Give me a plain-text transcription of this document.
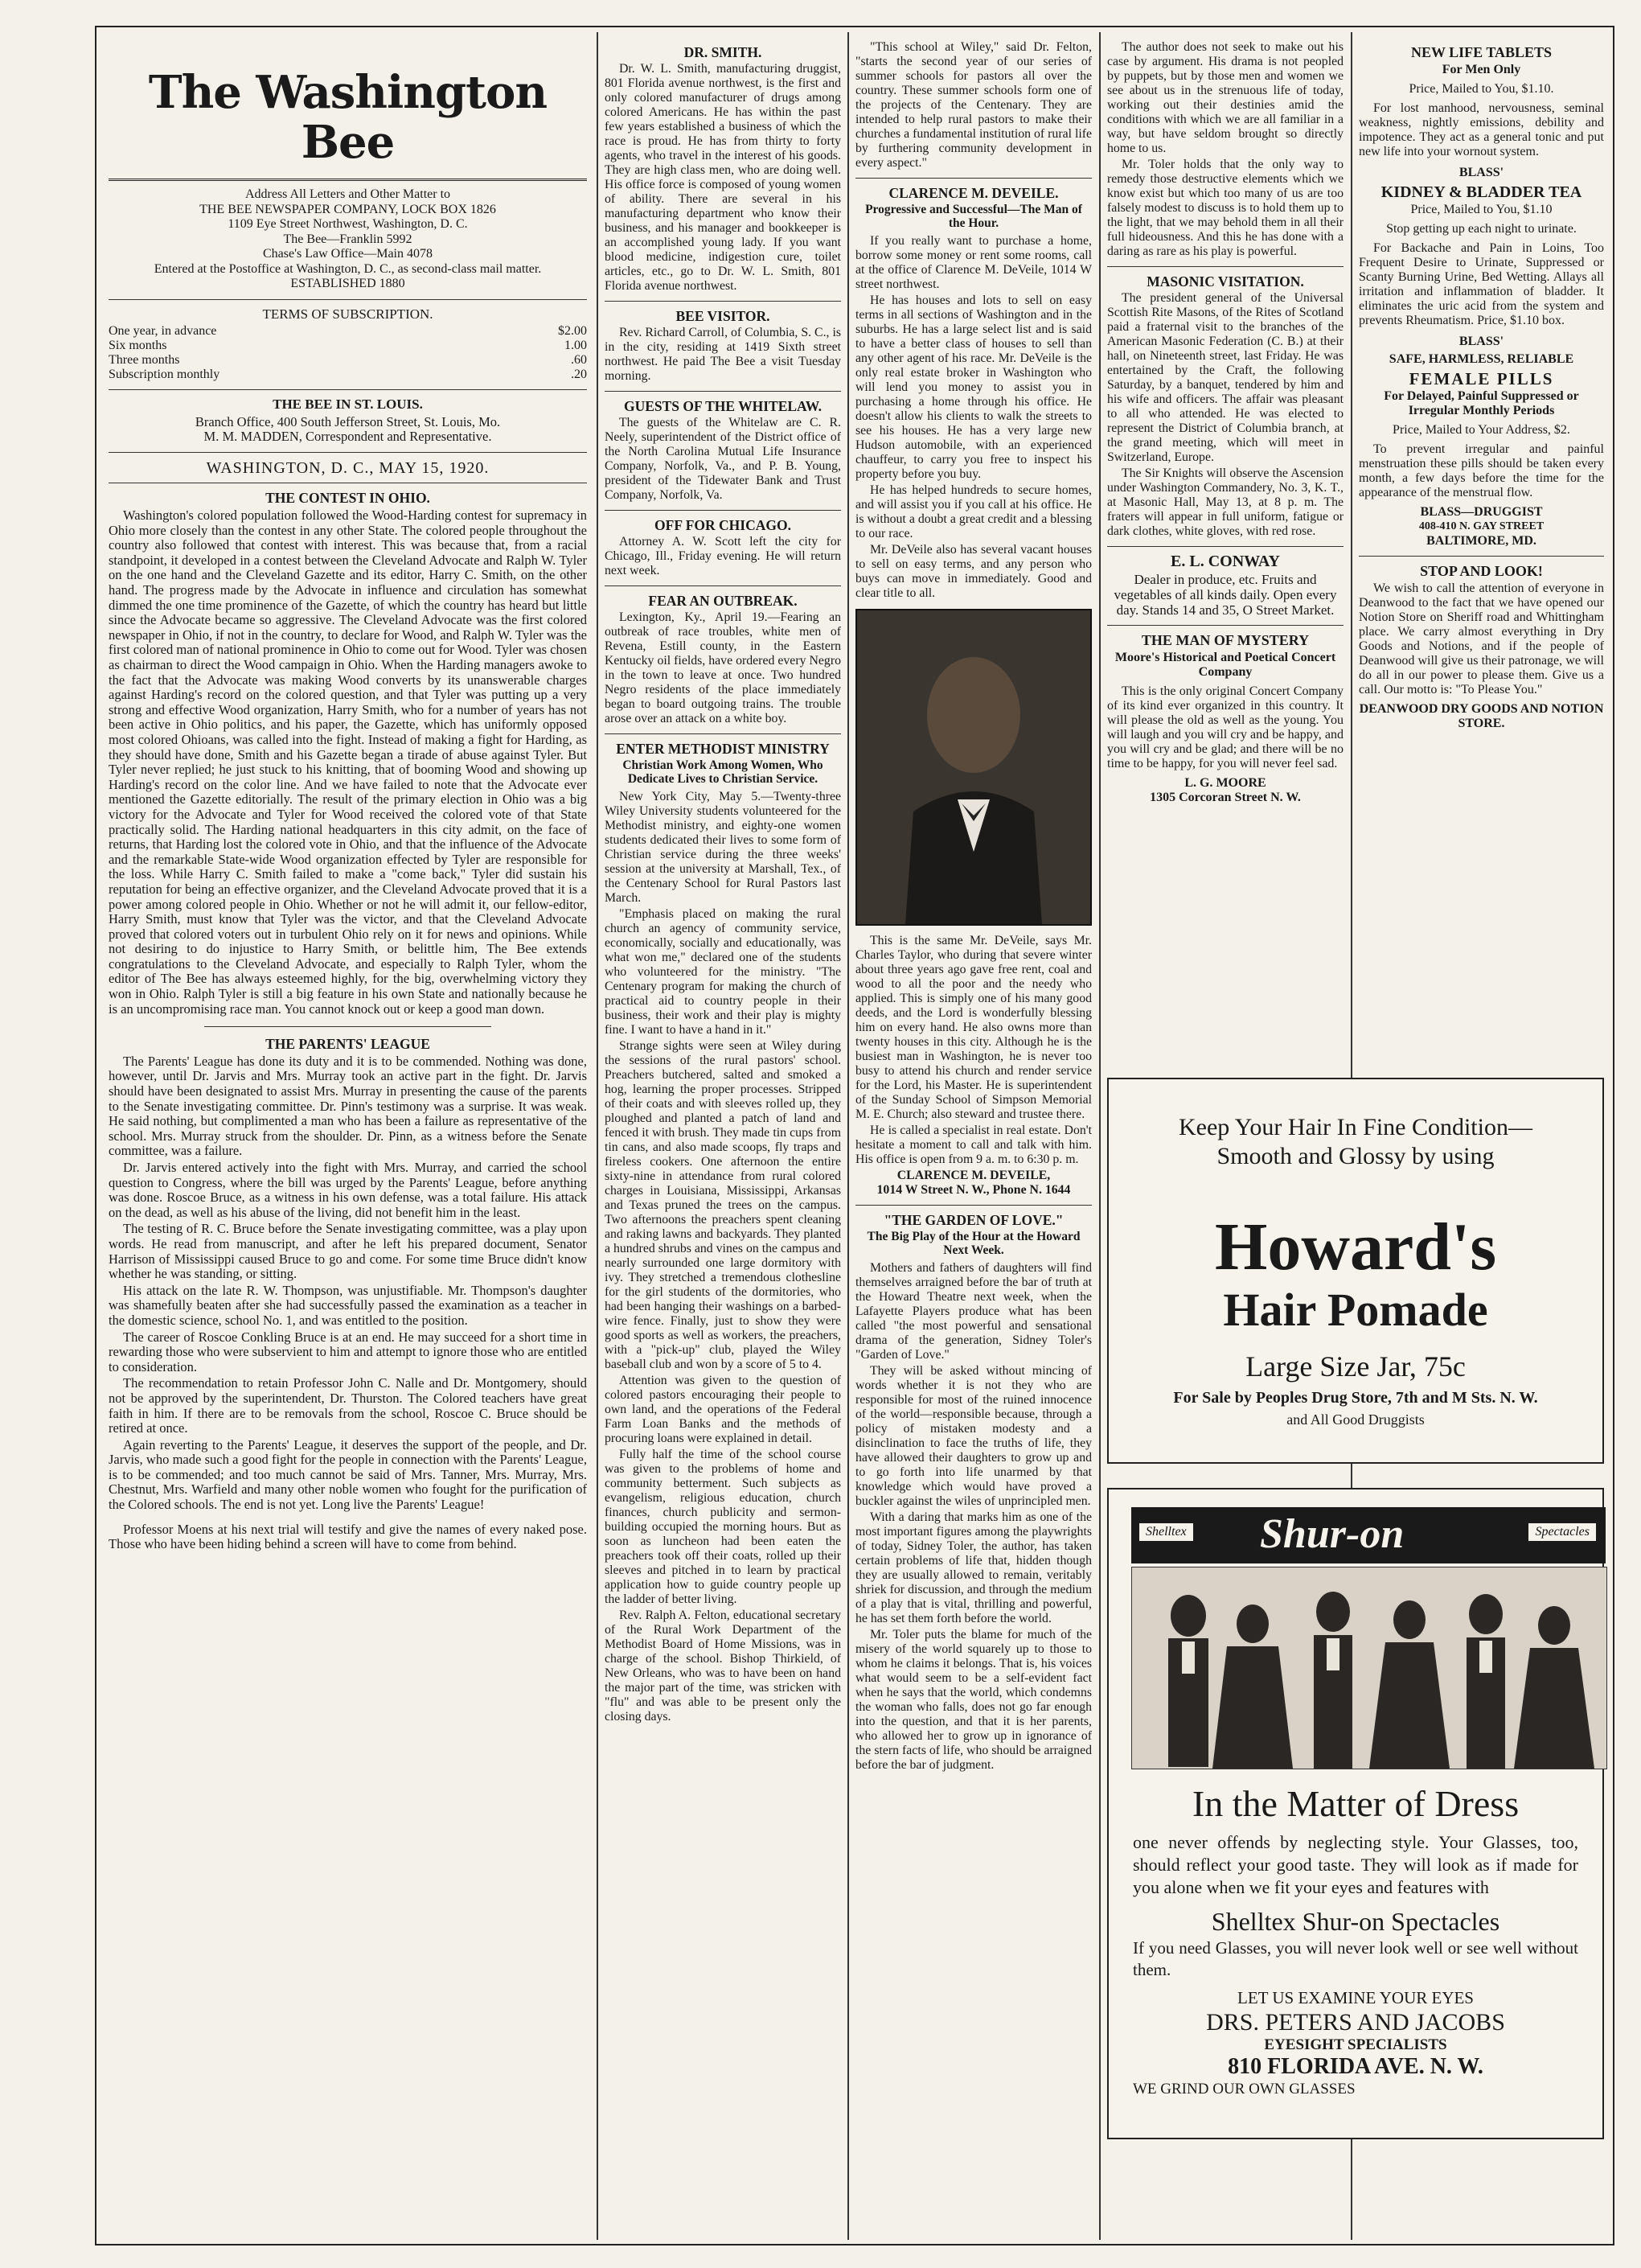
The Washington Bee
Address All Letters and Other Matter to
THE BEE NEWSPAPER COMPANY, LOCK BOX 1826
1109 Eye Street Northwest, Washington, D. C.
The Bee—Franklin 5992
Chase's Law Office—Main 4078
Entered at the Postoffice at Washington, D. C., as second-class mail matter.
ESTABLISHED 1880
TERMS OF SUBSCRIPTION.
One year, in advance	$2.00
Six months	1.00
Three months	.60
Subscription monthly	.20
THE BEE IN ST. LOUIS.
Branch Office, 400 South Jefferson Street, St. Louis, Mo.
M. M. MADDEN, Correspondent and Representative.
WASHINGTON, D. C., MAY 15, 1920.
THE CONTEST IN OHIO.

Washington's colored population followed the Wood-Harding contest for supremacy in Ohio more closely than the contest in any other State. The colored people throughout the country also followed that contest with interest. This was because that, from a racial standpoint, it developed in a contest between the Cleveland Advocate and Ralph W. Tyler on the one hand and the Cleveland Gazette and its editor, Harry C. Smith, on the other hand. The progress made by the Advocate in influence and circulation has somewhat dimmed the one time prominence of the Gazette, of which the country has heard but little since the Advocate became so aggressive. The Cleveland Advocate was the first colored newspaper in Ohio, if not in the country, to declare for Wood, and Ralph W. Tyler was the first colored man of national prominence in Ohio to come out for Wood. Tyler was chosen as chairman to direct the Wood campaign in Ohio. When the Harding managers awoke to the fact that the Advocate was making Wood converts by its unanswerable charges against Harding's record on the colored question, and that Tyler was putting up a very strong and effective Wood organization, Harry Smith, who for a number of years has not been active in Ohio politics, and his paper, the Gazette, which has uniformly opposed most colored Ohioans, was called into the fight. Instead of making a fight for Harding, as they should have done, Smith and his Gazette began a tirade of abuse against Tyler. But Tyler never replied; he just stuck to his knitting, that of booming Wood and showing up Harding's record on the color line. And we have failed to note that the Advocate ever mentioned the Gazette editorially. The result of the primary election in Ohio was a big victory for the Advocate and Tyler for Wood received the colored vote of that State practically solid. The Harding national headquarters in this city admit, on the face of returns, that Harding lost the colored vote in Ohio, and that the influence of the Advocate and the remarkable State-wide Wood organization effected by Tyler are responsible for the loss. While Harry C. Smith failed to make a "come back," Tyler did sustain his reputation for being an effective organizer, and the Cleveland Advocate proved that it is a power among colored people in Ohio. Whether or not he will admit it, our fellow-editor, Harry Smith, must know that Tyler was the victor, and that the Cleveland Advocate proved that colored voters out in turbulent Ohio rely on it for news and opinions. While not desiring to do injustice to Harry Smith, or belittle him, The Bee extends congratulations to the Cleveland Advocate, and especially to Ralph Tyler, whom the editor of The Bee has always esteemed highly, for the big, overwhelming victory they won in Ohio. Ralph Tyler is still a big feature in his own State and nationally because he is an uncompromising race man. You cannot knock out or keep a good man down.

THE PARENTS' LEAGUE

The Parents' League has done its duty and it is to be commended. Nothing was done, however, until Dr. Jarvis and Mrs. Murray took an active part in the fight. Dr. Jarvis should have been designated to assist Mrs. Murray in presenting the cause of the parents to the Senate investigating committee. Dr. Pinn's testimony was a surprise. It was weak. He said nothing, but complimented a man who has been a failure as representative of the school. Mrs. Murray struck from the shoulder. Dr. Pinn, as a witness before the Senate committee, was a failure.

Dr. Jarvis entered actively into the fight with Mrs. Murray, and carried the school question to Congress, where the bill was urged by the Parents' League, before anything was done. Roscoe Bruce, as a witness in his own defense, was a total failure. His attack on the dead, as well as his abuse of the living, did not benefit him in the least.

The testing of R. C. Bruce before the Senate investigating committee, was a play upon words. He read from manuscript, and after he left his prepared document, Senator Harrison of Mississippi caused Bruce to go and come. For some time Bruce didn't know whether he was standing, or sitting.

His attack on the late R. W. Thompson, was unjustifiable. Mr. Thompson's daughter was shamefully beaten after she had successfully passed the examination as a teacher in the domestic science, school No. 1, and was entitled to the position.

The career of Roscoe Conkling Bruce is at an end. He may succeed for a short time in rewarding those who were subservient to him and attempt to ignore those who are entitled to consideration.

The recommendation to retain Professor John C. Nalle and Dr. Montgomery, should not be approved by the superintendent, Dr. Thurston. The Colored teachers have great faith in him. If there are to be removals from the school, Roscoe C. Bruce should be retired at once.

Again reverting to the Parents' League, it deserves the support of the people, and Dr. Jarvis, who made such a good fight for the people in connection with the Parents' League, is to be commended; and too much cannot be said of Mrs. Tanner, Mrs. Murray, Mrs. Chestnut, Mrs. Warfield and many other noble women who fought for the purification of the Colored schools. The end is not yet. Long live the Parents' League!

Professor Moens at his next trial will testify and give the names of every naked pose. Those who have been hiding behind a screen will have to come from behind.

DR. SMITH.

Dr. W. L. Smith, manufacturing druggist, 801 Florida avenue northwest, is the first and only colored manufacturer of drugs among colored Americans. He has within the past few years established a business of which the race is proud. He has from thirty to forty agents, who travel in the interest of his goods. They are high class men, who are doing well. His office force is composed of young women of ability. There are several in his manufacturing department who know their business, and his manager and bookkeeper is an accomplished young lady. If you want blood medicine, indigestion cure, toilet articles, etc., go to Dr. W. L. Smith, 801 Florida avenue northwest.

BEE VISITOR.

Rev. Richard Carroll, of Columbia, S. C., is in the city, residing at 1419 Sixth street northwest. He paid The Bee a visit Tuesday morning.

GUESTS OF THE WHITELAW.

The guests of the Whitelaw are C. R. Neely, superintendent of the District office of the North Carolina Mutual Life Insurance Company, Norfolk, Va., and P. B. Young, president of the Tidewater Bank and Trust Company, Norfolk, Va.

OFF FOR CHICAGO.

Attorney A. W. Scott left the city for Chicago, Ill., Friday evening. He will return next week.

FEAR AN OUTBREAK.

Lexington, Ky., April 19.—Fearing an outbreak of race troubles, white men of Revena, Estill county, in the Eastern Kentucky oil fields, have ordered every Negro in the town to leave at once. Two hundred Negro residents of the place immediately began to board outgoing trains. The trouble arose over an attack on a white boy.

ENTER METHODIST MINISTRY
Christian Work Among Women, Who Dedicate Lives to Christian Service.

New York City, May 5.—Twenty-three Wiley University students volunteered for the Methodist ministry, and eighty-one women students dedicated their lives to some form of Christian service during the three weeks' session at the university at Marshall, Tex., of the Centenary School for Rural Pastors last March.

"Emphasis placed on making the rural church an agency of community service, economically, socially and educationally, was what won me," declared one of the students who volunteered for the ministry. "The Centenary program for making the church of practical aid to country people in their business, their work and their play is mighty fine. I want to have a hand in it."

Strange sights were seen at Wiley during the sessions of the rural pastors' school. Preachers butchered, salted and smoked a hog, learning the proper processes. Stripped of their coats and with sleeves rolled up, they ploughed and planted a patch of land and fenced it with brush. They made tin cups from tin cans, and also made scoops, fly traps and fireless cookers. One afternoon the entire sixty-nine in attendance from rural colored charges in Louisiana, Mississippi, Arkansas and Texas pruned the trees on the campus. Two afternoons the preachers spent cleaning and raking lawns and backyards. They planted a hundred shrubs and vines on the campus and nearly surrounded one large dormitory with ivy. They stretched a tremendous clothesline for the girl students of the dormitories, who had been hanging their washings on a barbed-wire fence. Finally, just to show they were good sports as well as workers, the preachers, with a "pick-up" club, played the Wiley baseball club and won by a score of 5 to 4.

Attention was given to the question of colored pastors encouraging their people to own land, and the operations of the Federal Farm Loan Banks and the methods of procuring loans were explained in detail.

Fully half the time of the school course was given to the problems of home and community betterment. Such subjects as evangelism, religious education, church finances, church publicity and sermon-building occupied the morning hours. But as soon as luncheon had been eaten the preachers took off their coats, rolled up their sleeves and pitched in to learn by practical application how to guide country people up the ladder of better living.

Rev. Ralph A. Felton, educational secretary of the Rural Work Department of the Methodist Board of Home Missions, was in charge of the school. Bishop Thirkield, of New Orleans, who was to have been on hand the major part of the time, was stricken with "flu" and was able to be present only the closing days.

"This school at Wiley," said Dr. Felton, "starts the second year of our series of summer schools for pastors all over the country. These summer schools form one of the projects of the Centenary. They are intended to help rural pastors to make their churches a fundamental institution of rural life by furthering community development in every aspect."

CLARENCE M. DEVEILE.
Progressive and Successful—The Man of the Hour.

If you really want to purchase a home, borrow some money or rent some rooms, call at the office of Clarence M. DeVeile, 1014 W street northwest.

He has houses and lots to sell on easy terms in all sections of Washington and in the suburbs. He has a large select list and is said to have a better class of houses to sell than any other agent of his race. Mr. DeVeile is the only real estate broker in Washington who will lend you money to assist you in purchasing a home through his office. He doesn't allow his clients to walk the streets to see his houses. He has a very large new Hudson automobile, with an experienced chauffeur, to carry you free to inspect his property before you buy.

He has helped hundreds to secure homes, and will assist you if you call at his office. He is without a doubt a great credit and a blessing to our race.

Mr. DeVeile also has several vacant houses to sell on easy terms, and any person who buys can move in immediately. Good and clear title to all.

This is the same Mr. DeVeile, says Mr. Charles Taylor, who during that severe winter about three years ago gave free rent, coal and wood to all the poor and the needy who applied. This is simply one of his many good deeds, and the Lord is wonderfully blessing him on every hand. He also owns more than twenty houses in this city. Although he is the busiest man in Washington, he is never too busy to attend his church and render service for the Lord, his Master. He is superintendent of the Sunday School of Simpson Memorial M. E. Church; also steward and trustee there.

He is called a specialist in real estate. Don't hesitate a moment to call and talk with him. His office is open from 9 a. m. to 6:30 p. m.

CLARENCE M. DEVEILE,
1014 W Street N. W., Phone N. 1644
"THE GARDEN OF LOVE."
The Big Play of the Hour at the Howard Next Week.

Mothers and fathers of daughters will find themselves arraigned before the bar of truth at the Howard Theatre next week, when the Lafayette Players produce what has been called "the most powerful and sensational drama of the generation, Sidney Toler's "Garden of Love."

They will be asked without mincing of words whether it is not they who are responsible for most of the ruined innocence of the world—responsible because, through a policy of mistaken modesty and a disinclination to face the truths of life, they have allowed their daughters to grow up and to go forth into life unarmed by that knowledge which would have proved a buckler against the wiles of unprincipled men.

With a daring that marks him as one of the most important figures among the playwrights of today, Sidney Toler, the author, has taken certain problems of life that, hidden though they are usually allowed to remain, veritably shriek for discussion, and through the medium of a play that is vital, thrilling and powerful, he has set them forth before the world.

Mr. Toler puts the blame for much of the misery of the world squarely up to those to whom he claims it belongs. That is, his voices what would seem to be a self-evident fact when he says that the world, which condemns the woman who falls, does not go far enough into the question, and that it is her parents, who allowed her to grow up in ignorance of the stern facts of life, who should be arraigned before the bar of judgment.

The author does not seek to make out his case by argument. His drama is not peopled by puppets, but by those men and women we see about us in the strenuous life of today, working out their destinies amid the conditions with which we are all familiar in a way, but have seldom brought so directly home to us.

Mr. Toler holds that the only way to remedy those destructive elements which we know exist but which too many of us are too falsely modest to discuss is to hold them up to the light, that we may behold them in all their full hideousness. And this he has done with a daring as rare as his play is powerful.

MASONIC VISITATION.

The president general of the Universal Scottish Rite Masons, of the Rites of Scotland paid a fraternal visit to the branches of the American Masonic Federation (C. B.) at their hall, on Nineteenth street, last Friday. He was entertained by the Craft, the following Saturday, by a banquet, tendered by him and his wife and officers. The affair was pleasant to all who attended. He was elected to represent the District of Columbia branch, at the grand meeting, which will meet in Switzerland, Europe.

The Sir Knights will observe the Ascension under Washington Commandery, No. 3, K. T., at Masonic Hall, May 13, at 8 p. m. The fraters will appear in full uniform, fatigue or dark clothes, white gloves, with red rose.

E. L. CONWAY
Dealer in produce, etc. Fruits and vegetables of all kinds daily. Open every day. Stands 14 and 35, O Street Market.
THE MAN OF MYSTERY
Moore's Historical and Poetical Concert Company

This is the only original Concert Company of its kind ever organized in this country. It will please the old as well as the young. You will laugh and you will cry and be happy, and you will cry and be glad; and there will be no time to be happy, for you will never feel sad.

L. G. MOORE
1305 Corcoran Street N. W.
NEW LIFE TABLETS
For Men Only
Price, Mailed to You, $1.10.

For lost manhood, nervousness, seminal weakness, nightly emissions, debility and impotence. They act as a general tonic and put new life into your wornout system.

BLASS'
KIDNEY & BLADDER TEA
Price, Mailed to You, $1.10
Stop getting up each night to urinate.

For Backache and Pain in Loins, Too Frequent Desire to Urinate, Suppressed or Scanty Burning Urine, Bed Wetting. Allays all irritation and inflammation of bladder. It eliminates the uric acid from the system and prevents Rheumatism. Price, $1.10 box.

BLASS'
SAFE, HARMLESS, RELIABLE
FEMALE PILLS
For Delayed, Painful Suppressed or Irregular Monthly Periods
Price, Mailed to Your Address, $2.

To prevent irregular and painful menstruation these pills should be taken every month, a few days before the time for the appearance of the menstrual flow.

BLASS—DRUGGIST
408-410 N. GAY STREET
BALTIMORE, MD.
STOP AND LOOK!

We wish to call the attention of everyone in Deanwood to the fact that we have opened our Notion Store on Sheriff road and Whittingham place. We carry almost everything in Dry Goods and Notions, and if the people of Deanwood will give us their patronage, we will do all in our power to please them. Give us a call. Our motto is: "To Please You."

DEANWOOD DRY GOODS AND NOTION STORE.
Keep Your Hair In Fine Condition—
Smooth and Glossy by using
Howard's
Hair Pomade
Large Size Jar, 75c
For Sale by Peoples Drug Store, 7th and M Sts. N. W.
and All Good Druggists
Shelltex Shur-on	Spectacles
In the Matter of Dress
one never offends by neglecting style. Your Glasses, too, should reflect your good taste. They will look as if made for you alone when we fit your eyes and features with
Shelltex Shur-on Spectacles
If you need Glasses, you will never look well or see well without them.
LET US EXAMINE YOUR EYES
DRS. PETERS AND JACOBS
EYESIGHT SPECIALISTS
810 FLORIDA AVE. N. W.
WE GRIND OUR OWN GLASSES
